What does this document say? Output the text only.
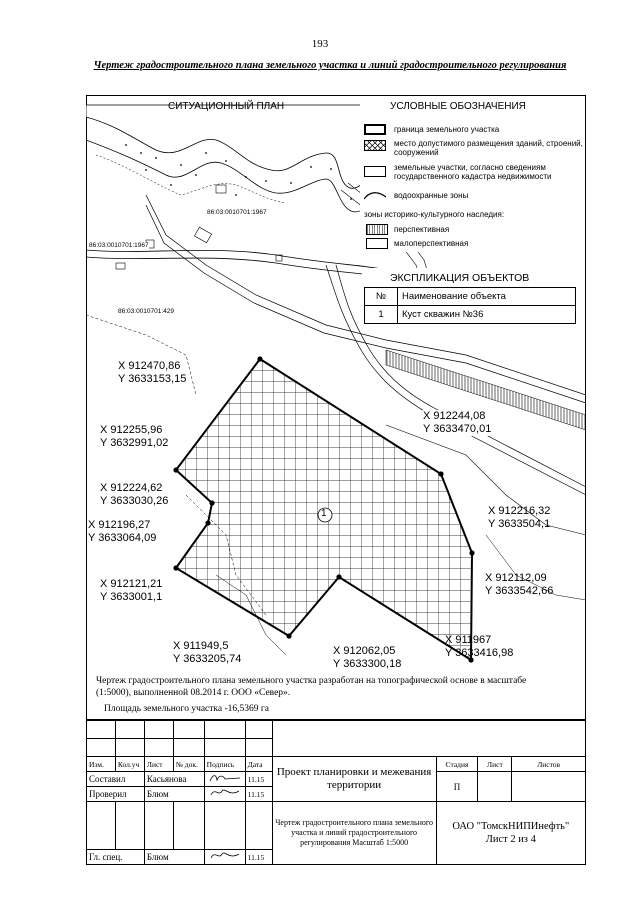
193
Чертеж градостроительного плана земельного участка и линий градостроительного регулирования
1
СИТУАЦИОННЫЙ ПЛАН
86:03:0010701:1967
86:03:0010701:1967
86:03:0010701:429
УСЛОВНЫЕ ОБОЗНАЧЕНИЯ
граница земельного участка
место допустимого размещения зданий, строений, сооружений
земельные участки, согласно сведениям государственного кадастра недвижимости
водоохранные зоны
зоны историко-культурного наследия:
перспективная
малоперспективная
ЭКСПЛИКАЦИЯ ОБЪЕКТОВ
№	Наименование объекта
1	Куст скважин №36
X 912470,86
Y 3633153,15
X 912255,96
Y 3632991,02
X 912224,62
Y 3633030,26
X 912196,27
Y 3633064,09
X 912121,21
Y 3633001,1
X 911949,5
Y 3633205,74
X 912062,05
Y 3633300,18
X 911967
Y 3633416,98
X 912112,09
Y 3633542,66
X 912216,32
Y 3633504,1
X 912244,08
Y 3633470,01
Чертеж градостроительного плана земельного участка разработан на топографической основе в масштабе (1:5000), выполненной 08.2014 г. ООО «Север».
Площадь земельного участка -16,5369 га

Изм.	Кол.уч	Лист	№ док.	Подпись	Дата	Проект планировки и межевания территории	Стадия	Лист	Листов
Составил		Касьянова			11.15		П		
Проверил		Блюм			11.15				
						Чертеж градостроительного плана земельного участка и линий градостроительного регулирования Масштаб 1:5000	ОАО "ТомскНИПИнефть"
Лист 2 из 4		

Гл. спец.		Блюм			11.15				
